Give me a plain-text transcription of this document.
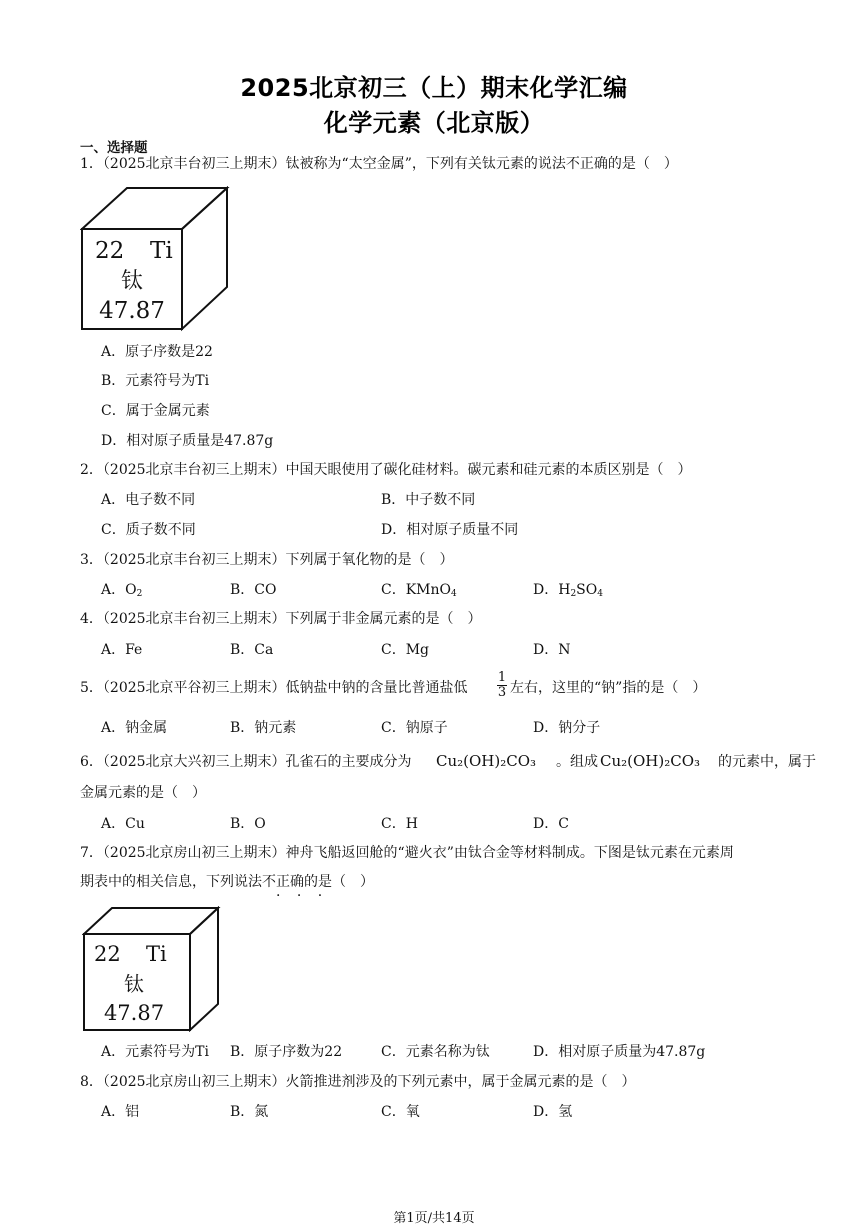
2025北京初三（上）期末化学汇编
化学元素（北京版）
一、选择题
1．（2025北京丰台初三上期末）钛被称为“太空金属”，下列有关钛元素的说法不正确的是（　）
22 Ti
钛
47.87
A．原子序数是22
B．元素符号为Ti
C．属于金属元素
D．相对原子质量是47.87g
2．（2025北京丰台初三上期末）中国天眼使用了碳化硅材料。碳元素和硅元素的本质区别是（　）
A．电子数不同	B．中子数不同
C．质子数不同	D．相对原子质量不同
3．（2025北京丰台初三上期末）下列属于氧化物的是（　）
A．$O_2$	B．CO	C．KMnO$_4$	D．$H_2SO_4$
4．（2025北京丰台初三上期末）下列属于非金属元素的是（　）
A．Fe	B．Ca	C．Mg	D．N
5．（2025北京平谷初三上期末）低钠盐中钠的含量比普通盐低 $\frac{1}{3}$ 左右，这里的“钠”指的是（　）
A．钠金属	B．钠元素	C．钠原子	D．钠分子
6．（2025北京大兴初三上期末）孔雀石的主要成分为 Cu₂(OH)₂CO₃ 。组成 Cu₂(OH)₂CO₃ 的元素中，属于
金属元素的是（　）
A．Cu	B．O	C．H	D．C
7．（2025北京房山初三上期末）神舟飞船返回舱的“避火衣”由钛合金等材料制成。下图是钛元素在元素周
期表中的相关信息，下列说法不正确的是（　）
· · ·
22 Ti
钛
47.87
A．元素符号为Ti B．原子序数为22	C．元素名称为钛	D．相对原子质量为47.87g
8．（2025北京房山初三上期末）火箭推进剂涉及的下列元素中，属于金属元素的是（　）
A．铝	B．氮	C．氧	D．氢
第1页/共14页
